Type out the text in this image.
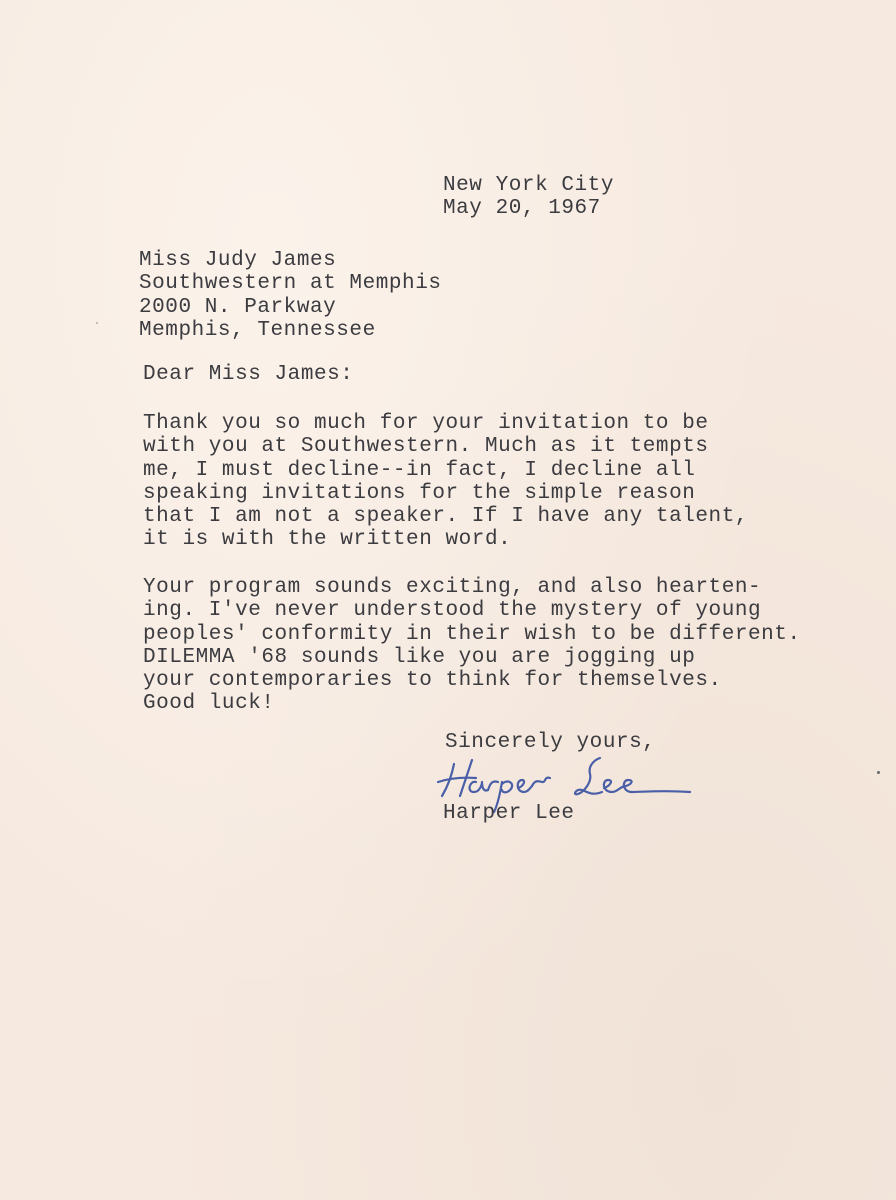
New York City
May 20, 1967
Miss Judy James
Southwestern at Memphis
2000 N. Parkway
Memphis, Tennessee

Dear Miss James:

Thank you so much for your invitation to be
with you at Southwestern. Much as it tempts
me, I must decline--in fact, I decline all
speaking invitations for the simple reason
that I am not a speaker. If I have any talent,
it is with the written word.
Your program sounds exciting, and also hearten-
ing. I've never understood the mystery of young
peoples' conformity in their wish to be different.
DILEMMA '68 sounds like you are jogging up
your contemporaries to think for themselves.
Good luck!

Sincerely yours,

Harper Lee
